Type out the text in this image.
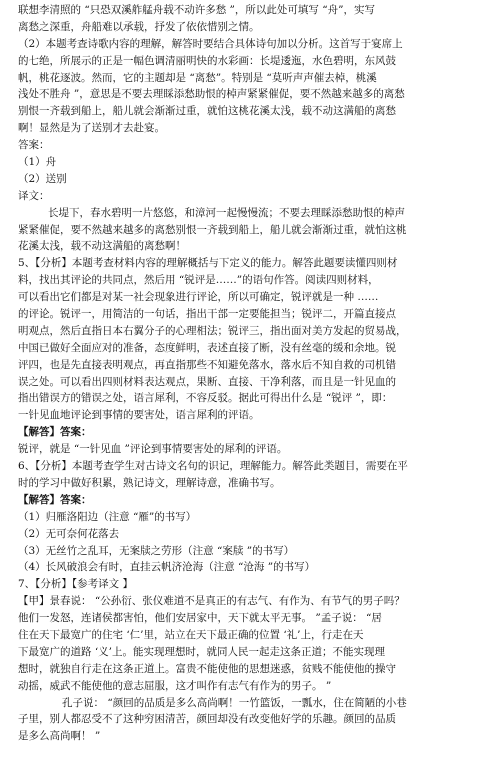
联想李清照的 “只恐双溪舴艋舟载不动许多愁 ”，所以此处可填写 “舟”，实写
离愁之深重，舟船难以承载，抒发了依依惜别之情。
（2）本题考查诗歌内容的理解，解答时要结合具体诗句加以分析。这首写于宴席上
的七绝，所展示的正是一幅色调清丽明快的水彩画：长堤逶迤，水色碧明，东风鼓
帆，桃花逐波。然而，它的主题却是 “离愁”。特别是 “莫听声声催去棹，桃溪
浅处不胜舟 ”，意思是不要去理睬添愁助恨的棹声紧紧催促，要不然越来越多的离愁
别恨一齐载到船上，船儿就会渐渐过重，就怕这桃花溪太浅，载不动这满船的离愁
啊！显然是为了送别才去赴宴。
答案：
（1）舟
（2）送别
译文：
长堤下，春水碧明一片悠悠，和漳河一起慢慢流；不要去理睬添愁助恨的棹声
紧紧催促，要不然越来越多的离愁别恨一齐载到船上，船儿就会渐渐过重，就怕这桃
花溪太浅，载不动这满船的离愁啊！
5、【分析】本题考查材料内容的理解概括与下定义的能力。解答此题要读懂四则材
料，找出其评论的共同点，然后用 “锐评是……”的语句作答。阅读四则材料，
可以看出它们都是对某一社会现象进行评论，所以可确定，锐评就是一种 ……
的评论。锐评一，用简洁的一句话，指出干部一定要能担当；锐评二，开篇直接点
明观点，然后直指日本右翼分子的心理相法；锐评三，指出面对美方发起的贸易战，
中国已做好全面应对的准备，态度鲜明，表述直接了断，没有丝毫的缓和余地。锐
评四，也是先直接表明观点，再直指那些不知避免落水，落水后不知自救的司机错
误之处。可以看出四则材料表达观点，果断、直接、干净利落，而且是一针见血的
指出错误方的错误之处，语言犀利，不容反驳。据此可得出什么是 “锐评 ”，即：
一针见血地评论到事情的要害处，语言犀利的评语。
【解答】答案：
锐评，就是 “一针见血 ”评论到事情要害处的犀利的评语。
6、【分析】本题考查学生对古诗文名句的识记，理解能力。解答此类题目，需要在平
时的学习中做好积累，熟记诗文，理解诗意，准确书写。
【解答】答案：
（1）归雁洛阳边（注意 “雁”的书写）
（2）无可奈何花落去
（3）无丝竹之乱耳，无案牍之劳形（注意 “案牍 ”的书写）
（4）长风破浪会有时，直挂云帆济沧海（注意 “沧海 ”的书写）
7、【分析】【参考译文 】
【甲】景春说： “公孙衍、张仪难道不是真正的有志气、有作为、有节气的男子吗？
他们一发怒，连诸侯都害怕，他们安居家中，天下就太平无事。 ”孟子说： “居
住在天下最宽广的住宅 ‘仁’里，站立在天下最正确的位置 ‘礼’上，行走在天
下最宽广的道路 ‘义’上。能实现理想时，就同人民一起走这条正道；不能实现理
想时，就独自行走在这条正道上。富贵不能使他的思想迷惑，贫贱不能使他的操守
动摇，威武不能使他的意志屈服，这才叫作有志气有作为的男子。 ”
孔子说： “颜回的品质是多么高尚啊！一竹篮饭，一瓢水，住在简陋的小巷
子里，别人都忍受不了这种穷困清苦，颜回却没有改变他好学的乐趣。颜回的品质
是多么高尚啊！ ”
